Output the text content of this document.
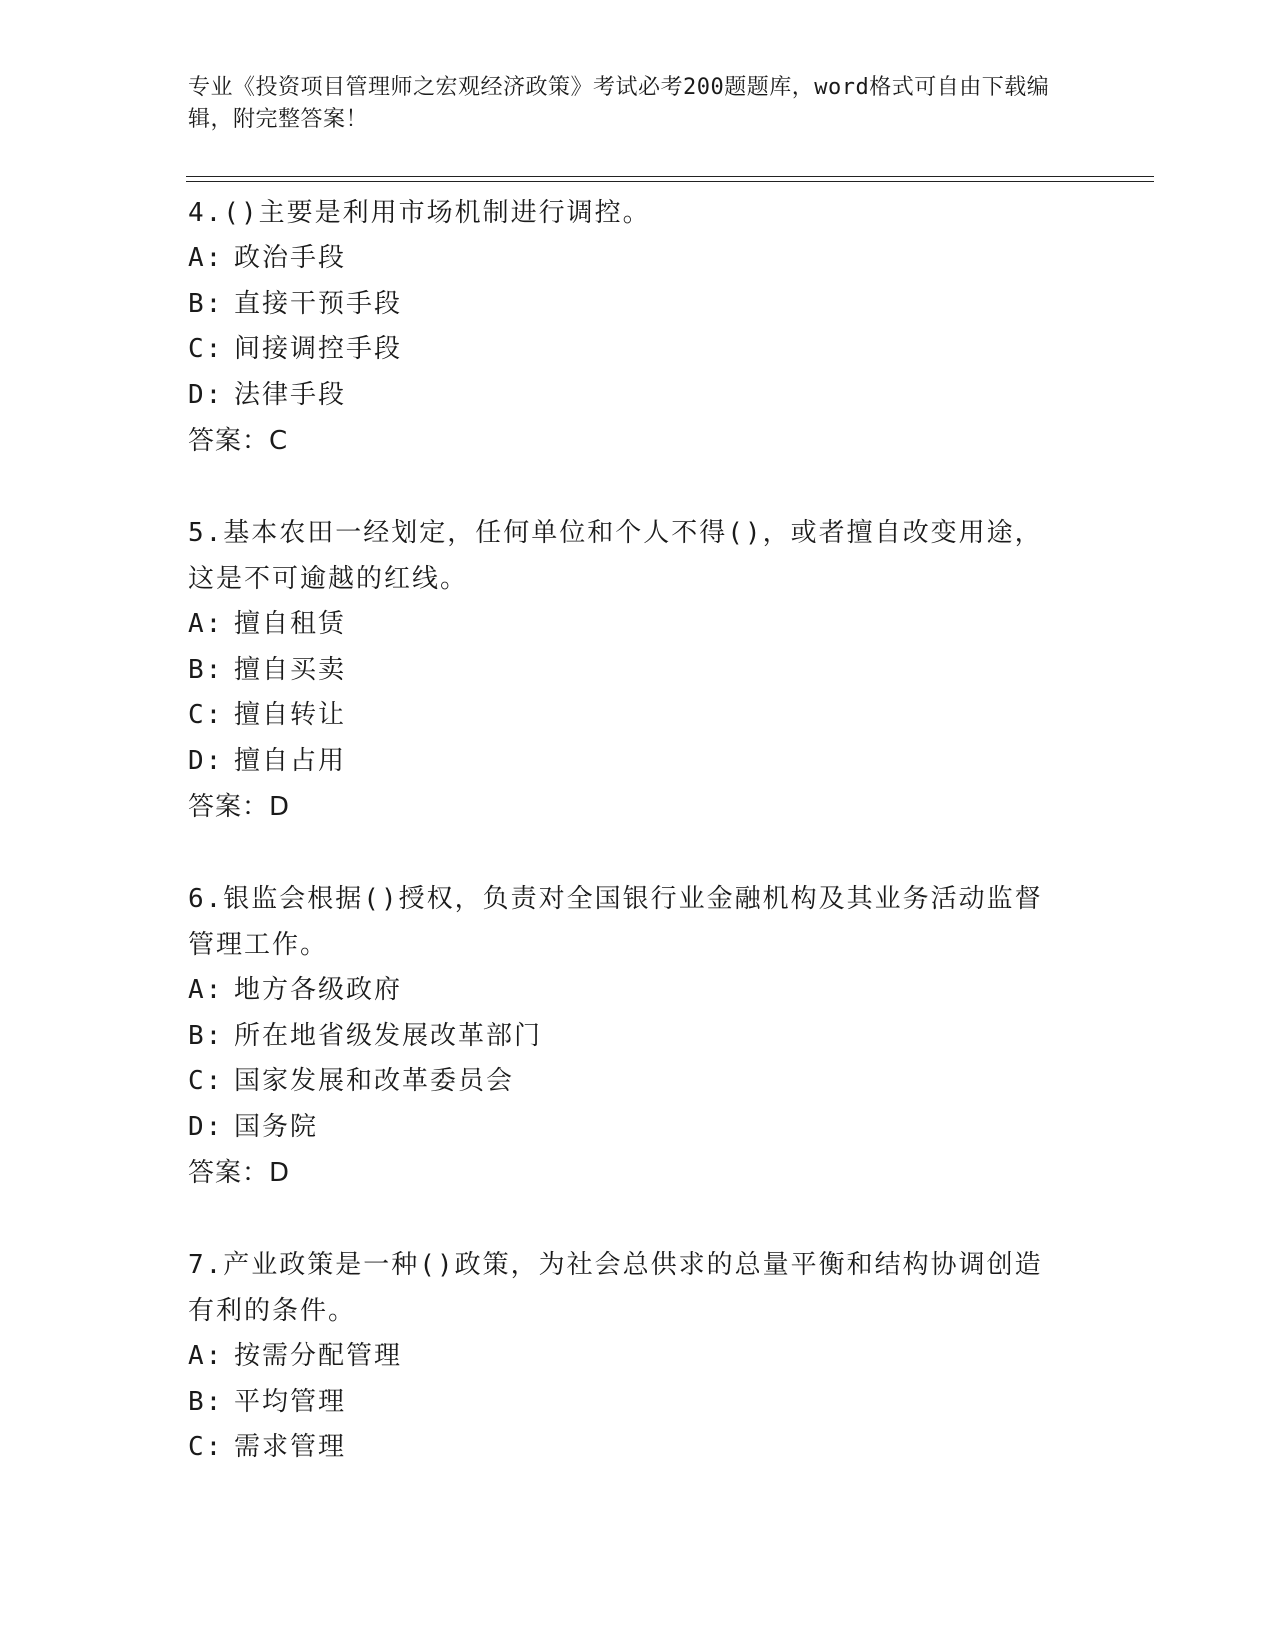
专业《投资项目管理师之宏观经济政策》考试必考200题题库，word格式可自由下载编辑，附完整答案！

4.()主要是利用市场机制进行调控。

A: 政治手段

B: 直接干预手段

C: 间接调控手段

D: 法律手段

答案：C

5.基本农田一经划定，任何单位和个人不得()，或者擅自改变用途，这是不可逾越的红线。

A: 擅自租赁

B: 擅自买卖

C: 擅自转让

D: 擅自占用

答案：D

6.银监会根据()授权，负责对全国银行业金融机构及其业务活动监督管理工作。

A: 地方各级政府

B: 所在地省级发展改革部门

C: 国家发展和改革委员会

D: 国务院

答案：D

7.产业政策是一种()政策，为社会总供求的总量平衡和结构协调创造有利的条件。

A: 按需分配管理

B: 平均管理

C: 需求管理
